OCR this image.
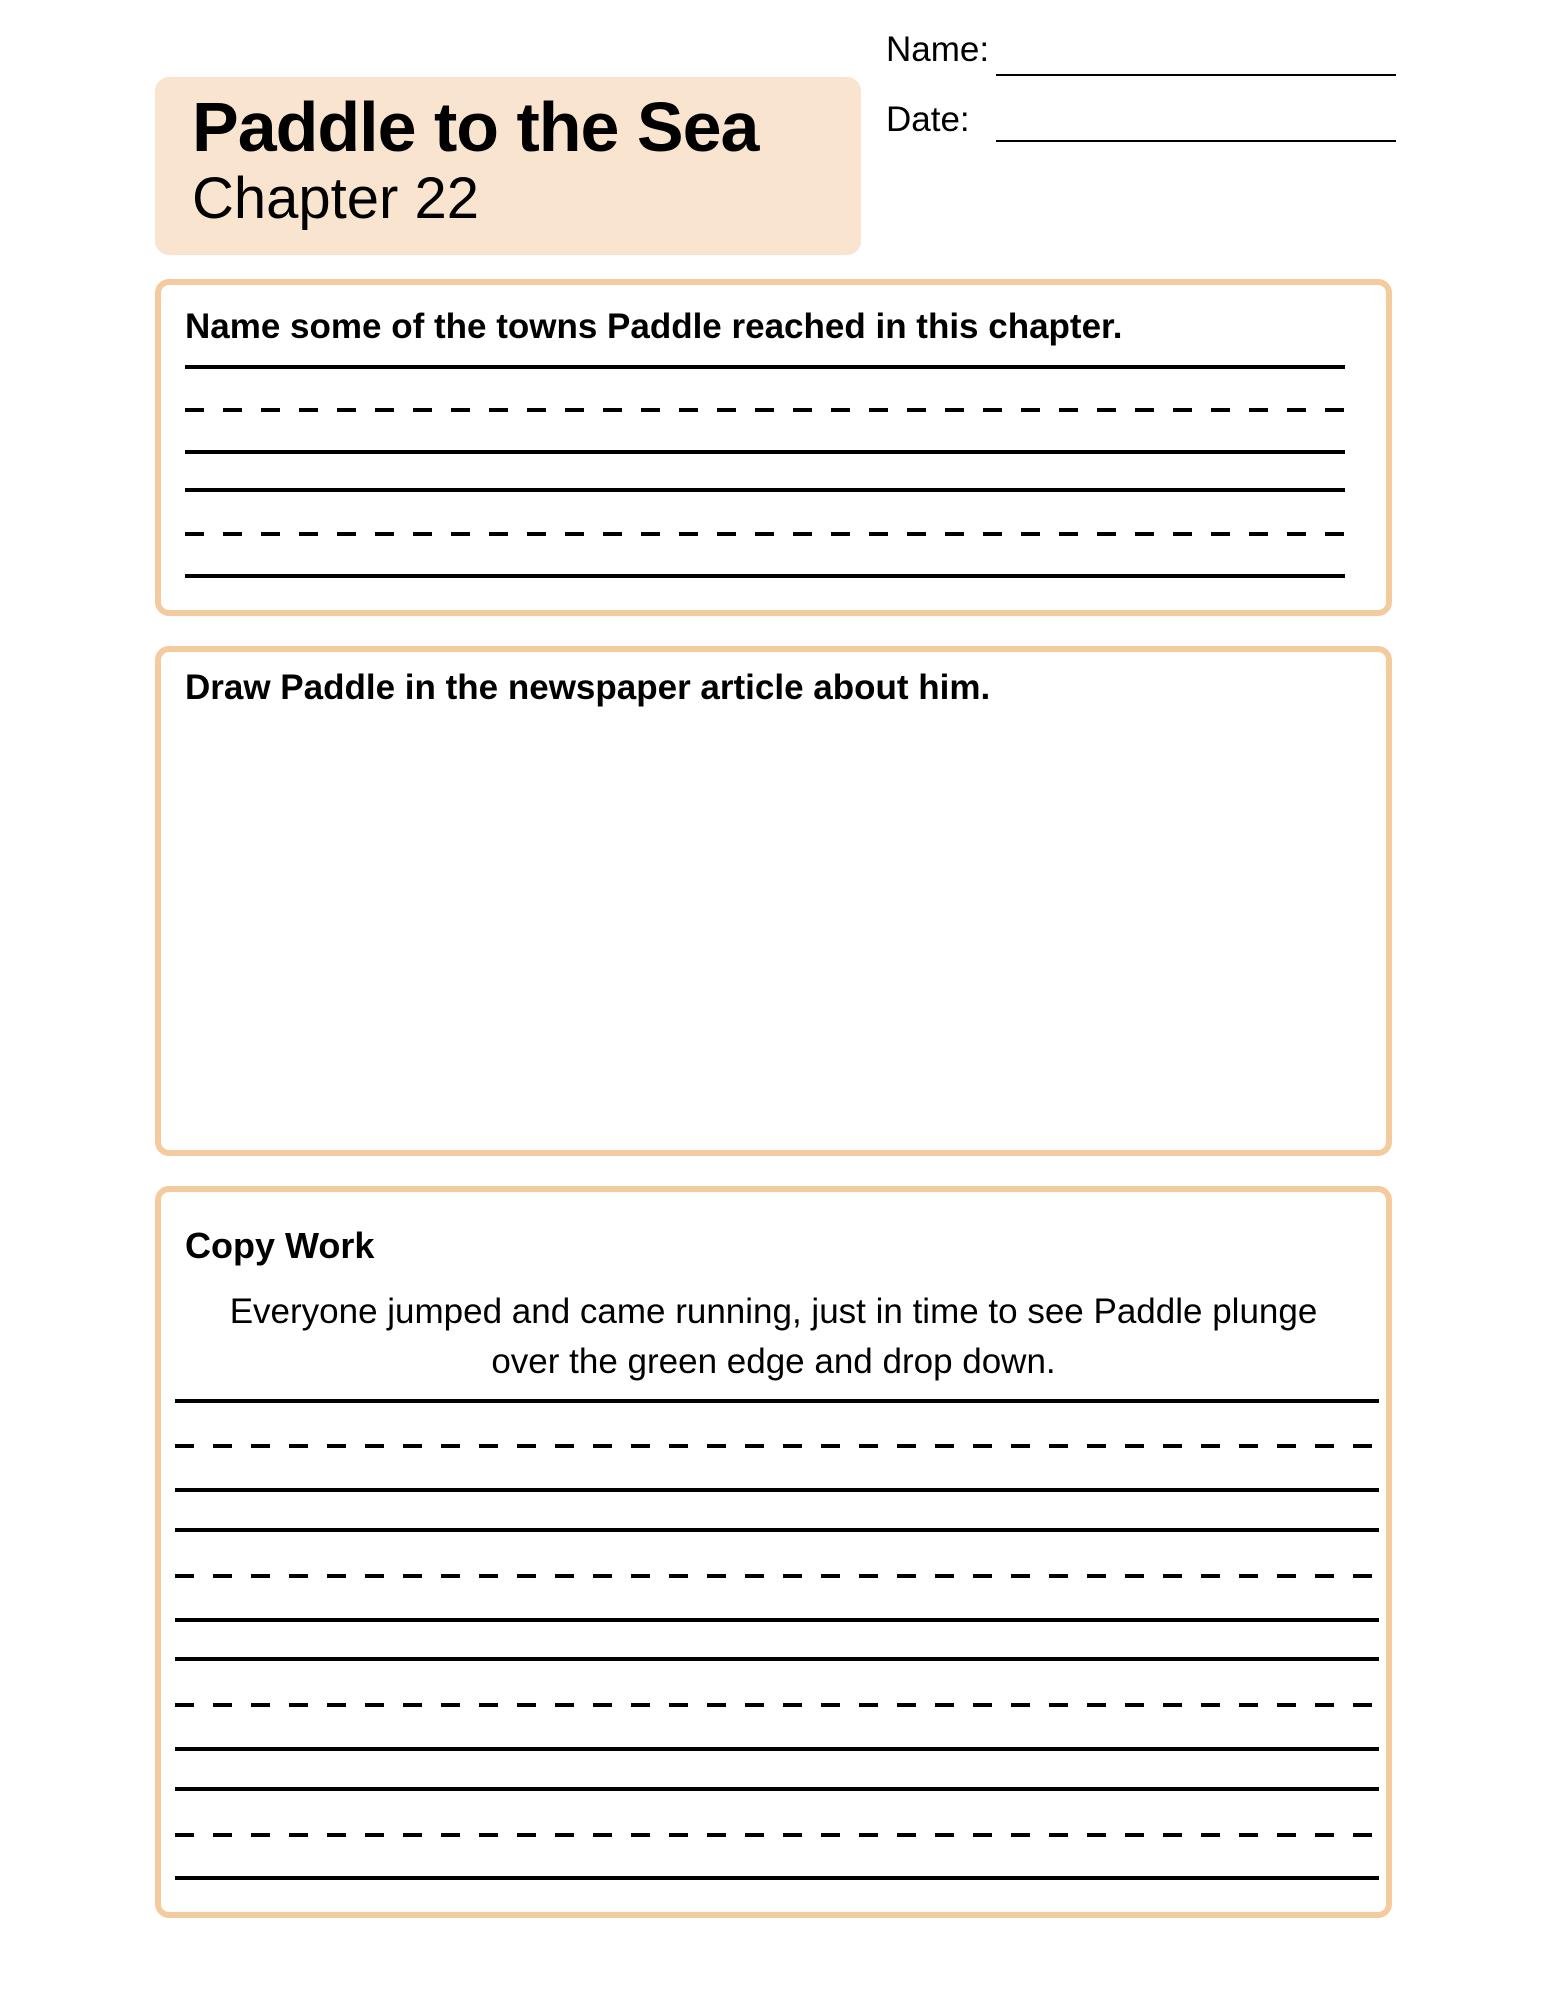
Paddle to the Sea
Chapter 22
Name:
Date:
Name some of the towns Paddle reached in this chapter.
Draw Paddle in the newspaper article about him.
Copy Work
Everyone jumped and came running, just in time to see Paddle plunge over the green edge and drop down.
